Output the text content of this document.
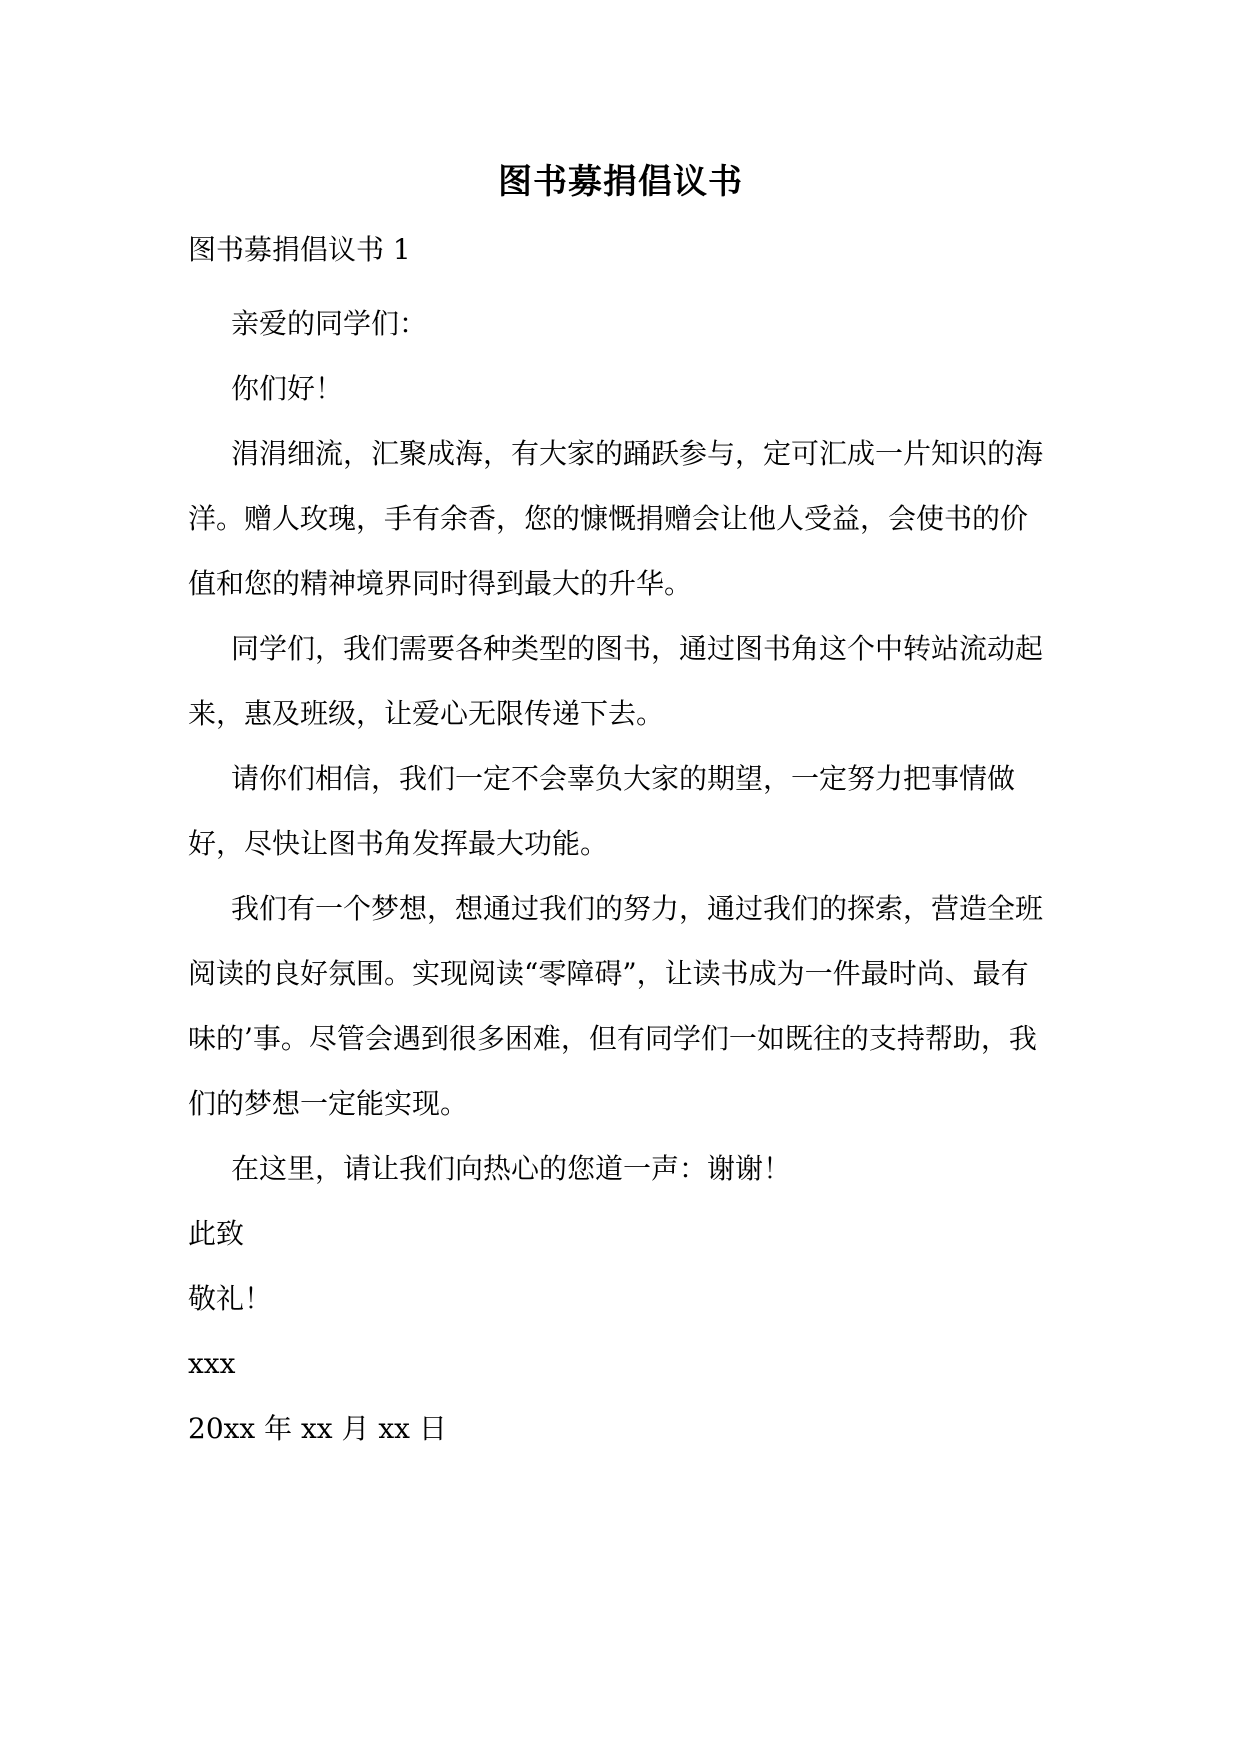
图书募捐倡议书
图书募捐倡议书 1

亲爱的同学们：

你们好！

涓涓细流，汇聚成海，有大家的踊跃参与，定可汇成一片知识的海洋。赠人玫瑰，手有余香，您的慷慨捐赠会让他人受益，会使书的价值和您的精神境界同时得到最大的升华。

同学们，我们需要各种类型的图书，通过图书角这个中转站流动起来，惠及班级，让爱心无限传递下去。

请你们相信，我们一定不会辜负大家的期望，一定努力把事情做好，尽快让图书角发挥最大功能。

我们有一个梦想，想通过我们的努力，通过我们的探索，营造全班阅读的良好氛围。实现阅读“零障碍”，让读书成为一件最时尚、最有味的’事。尽管会遇到很多困难，但有同学们一如既往的支持帮助，我们的梦想一定能实现。

在这里，请让我们向热心的您道一声：谢谢！

此致

敬礼！

xxx

20xx 年 xx 月 xx 日
